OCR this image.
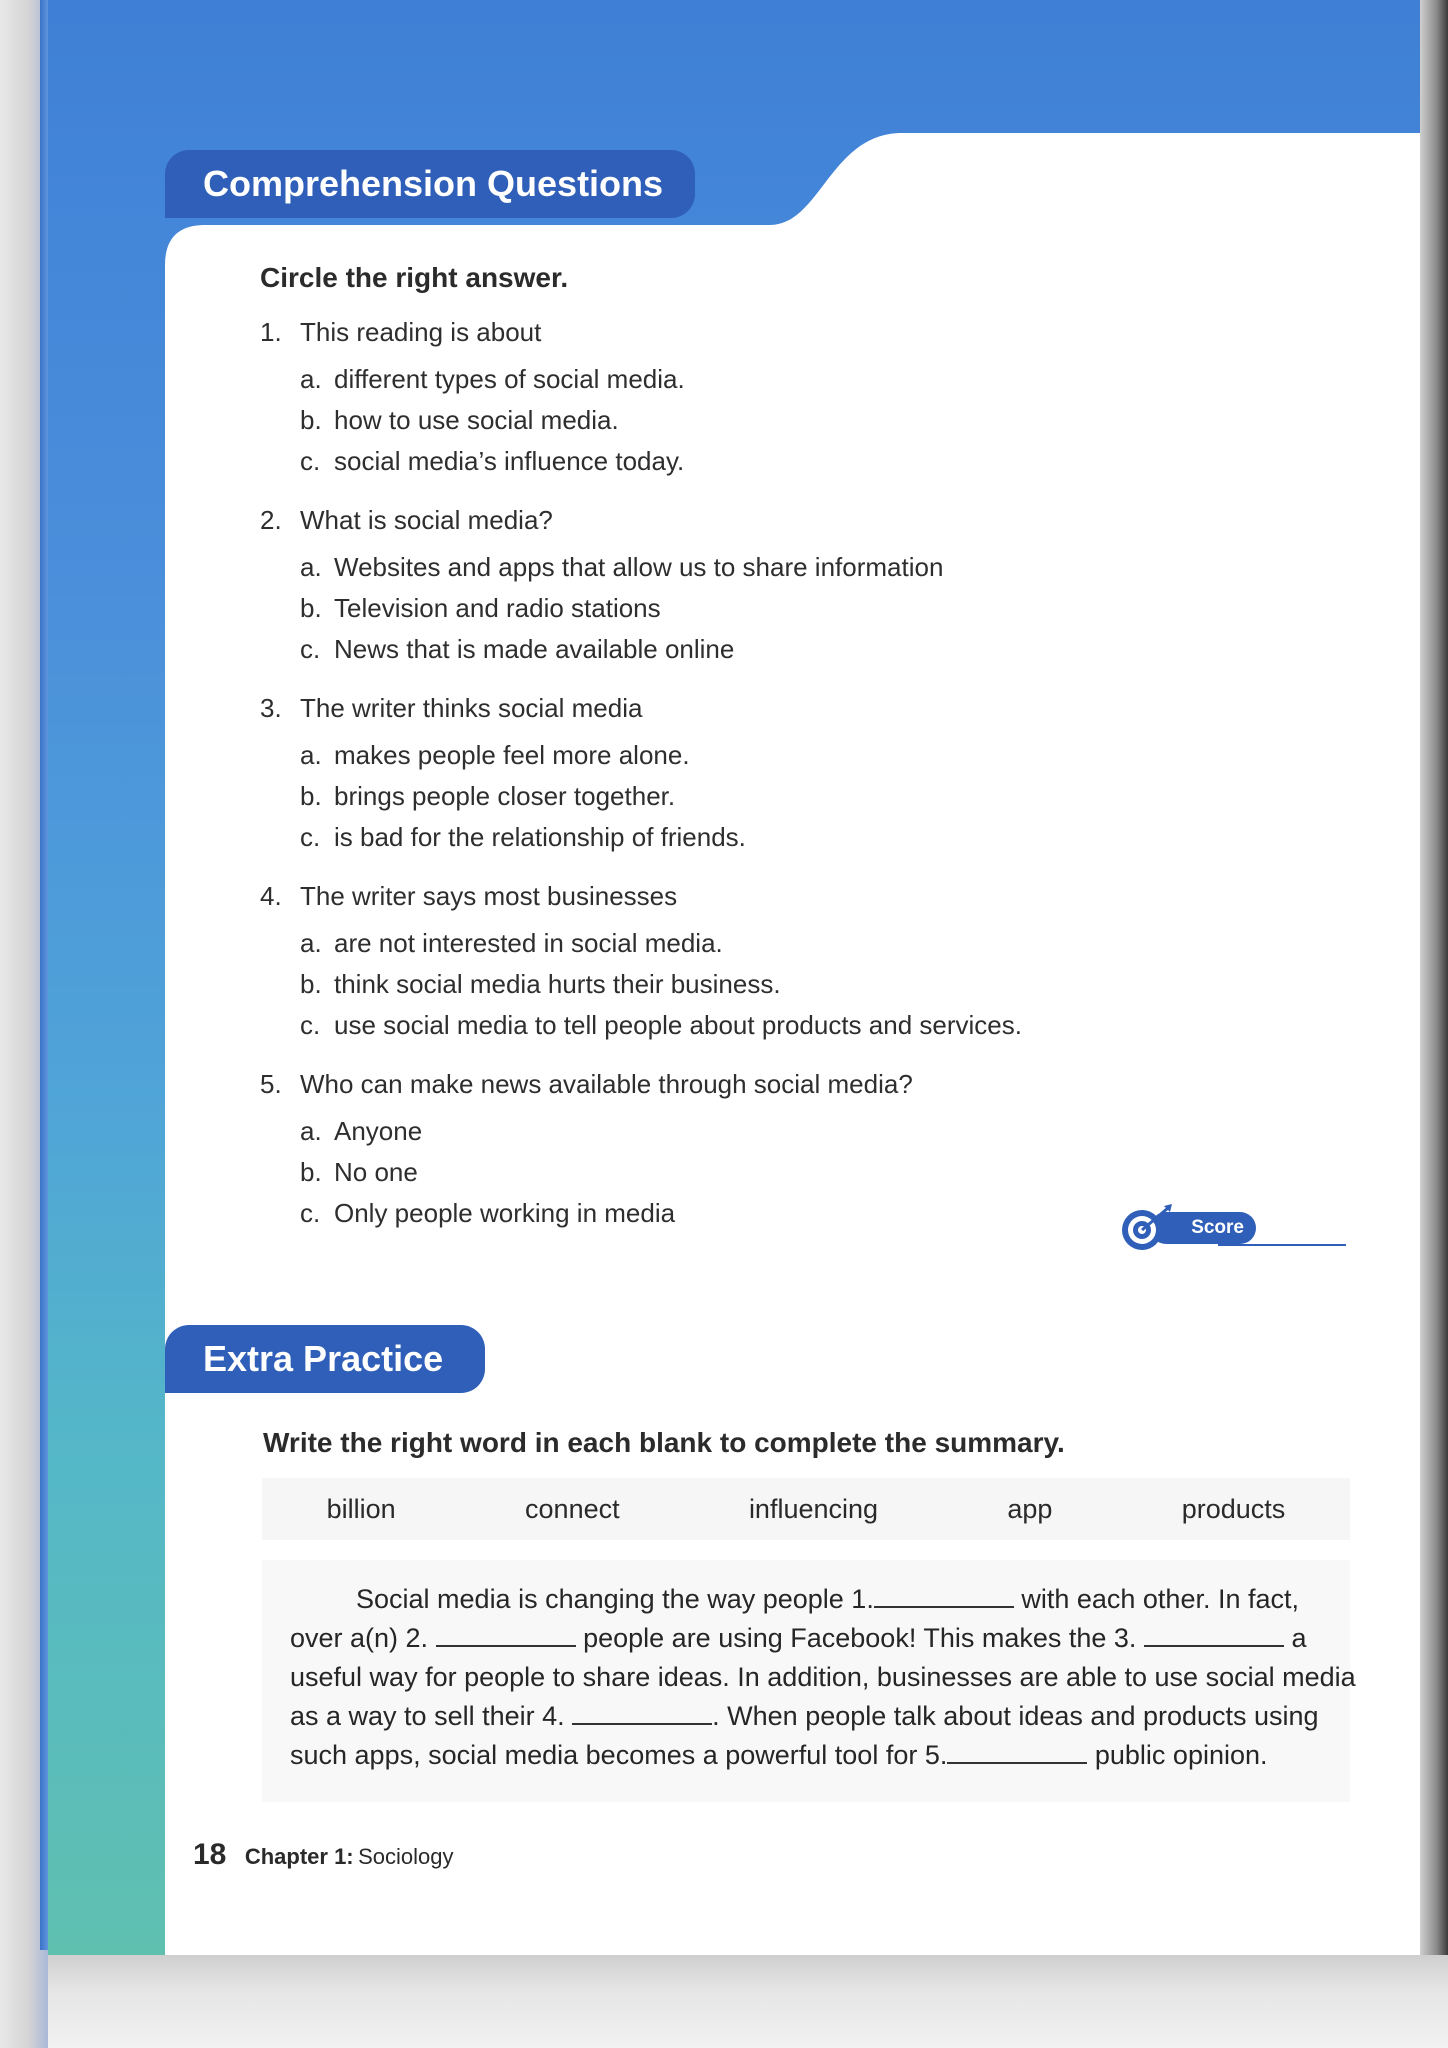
Comprehension Questions
Circle the right answer.
1. This reading is about
a. different types of social media.
b. how to use social media.
c. social media’s influence today.
2. What is social media?
a. Websites and apps that allow us to share information
b. Television and radio stations
c. News that is made available online
3. The writer thinks social media
a. makes people feel more alone.
b. brings people closer together.
c. is bad for the relationship of friends.
4. The writer says most businesses
a. are not interested in social media.
b. think social media hurts their business.
c. use social media to tell people about products and services.
5. Who can make news available through social media?
a. Anyone
b. No one
c. Only people working in media	Score
Extra Practice
Write the right word in each blank to complete the summary.
billion	connect	influencing	app	products
Social media is changing the way people 1.	with each other. In fact,
over a(n) 2.	people are using Facebook! This makes the 3.	a
useful way for people to share ideas. In addition, businesses are able to use social media
as a way to sell their 4.	. When people talk about ideas and products using
such apps, social media becomes a powerful tool for 5.	public opinion.
18 Chapter 1: Sociology
